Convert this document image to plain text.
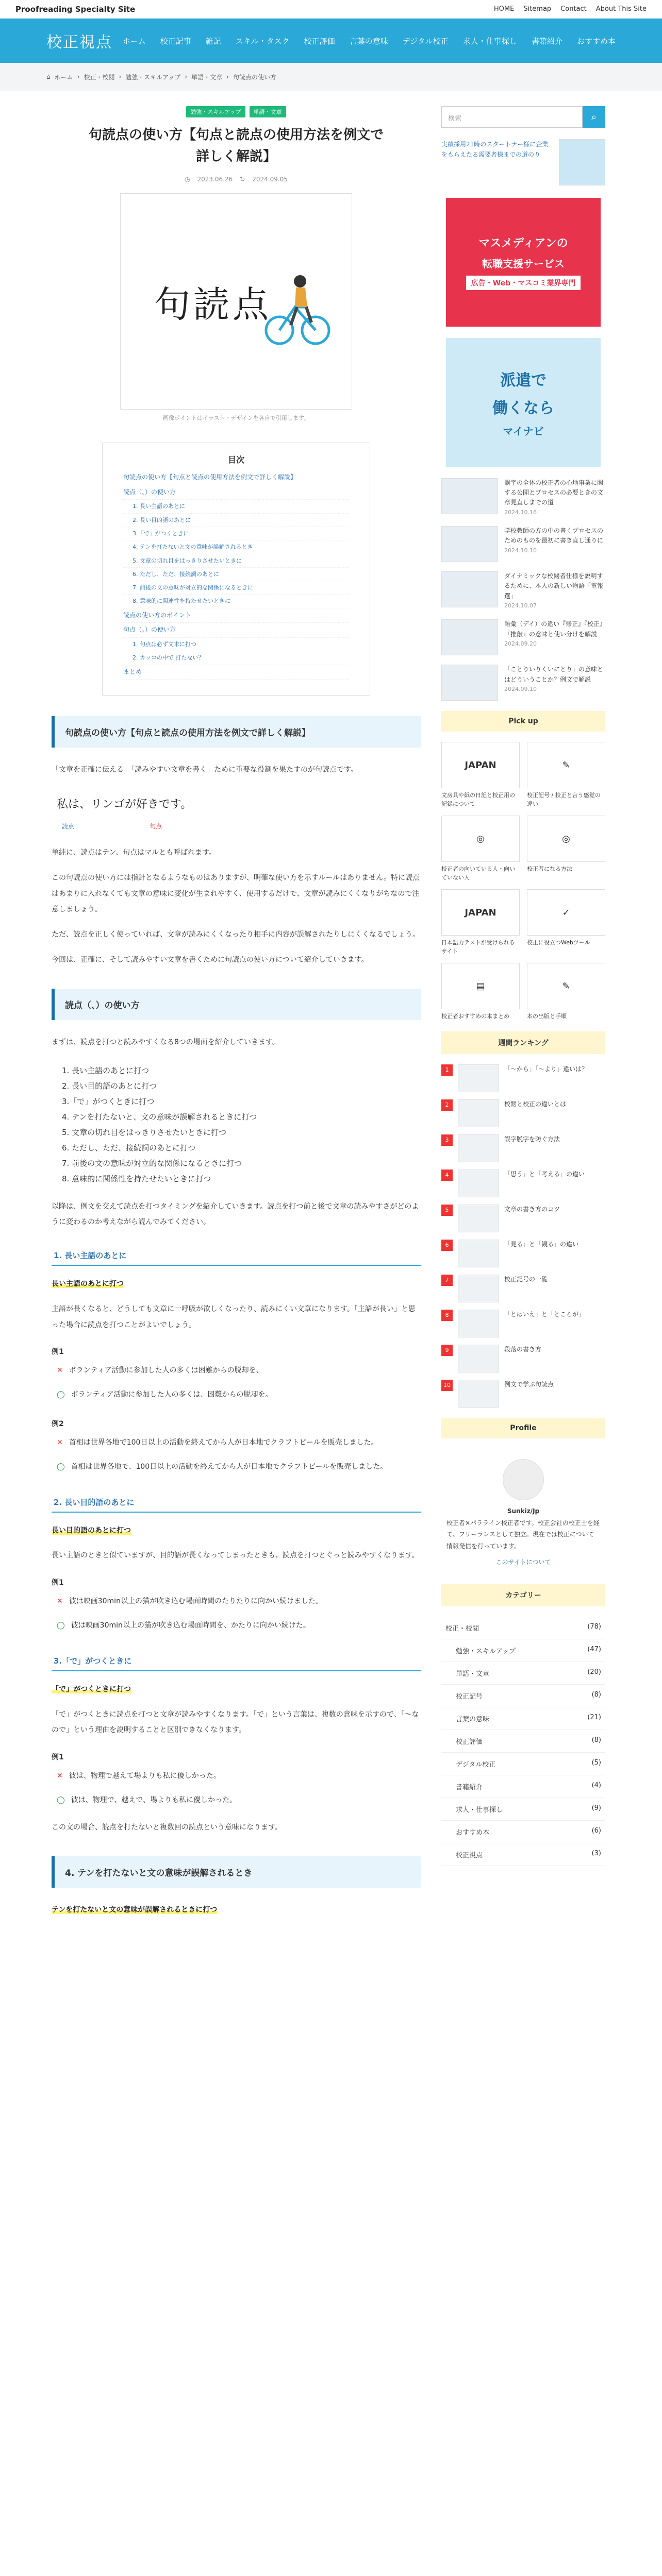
Proofreading Specialty Site	HOME Sitemap Contact About This Site
校正視点 ホーム 校正記事 雑記 スキル・タスク 校正評価 言葉の意味 デジタル校正 求人・仕事探し 書籍紹介 おすすめ本
⌂ ホーム › 校正・校閲 › 勉強・スキルアップ › 単語・文章 › 句読点の使い方
勉強・スキルアップ	単語・文章
句読点の使い方【句点と読点の使用方法を例文で詳しく解説】
◷ 2023.06.26 ↻ 2024.09.05
句読点
画像ポイントはイラスト・デザインを各自で引用します。
目次
句読点の使い方【句点と読点の使用方法を例文で詳しく解説】
読点（、）の使い方
1. 長い主語のあとに
2. 長い目的語のあとに
3.「で」がつくときに
4. テンを打たないと文の意味が誤解されるとき
5. 文章の切れ目をはっきりさせたいときに
6. ただし、ただ、接続詞のあとに
7. 前後の文の意味が対立的な関係になるときに
8. 意味的に関連性を持たせたいときに
読点の使い方のポイント
句点（。）の使い方
1. 句点は必ず文末に打つ
2. カッコの中で 打たない？
まとめ
句読点の使い方【句点と読点の使用方法を例文で詳しく解説】

「文章を正確に伝える」「読みやすい文章を書く」ために重要な役割を果たすのが句読点です。

私は、リンゴが好きです。
読点	句点

単純に、読点はテン、句点はマルとも呼ばれます。

この句読点の使い方には指針となるようなものはありますが、明確な使い方を示すルールはありません。特に読点はあまりに入れなくても文章の意味に変化が生まれやすく、使用するだけで、文章が読みにくくなりがちなので注意しましょう。

ただ、読点を正しく使っていれば、文章が読みにくくなったり相手に内容が誤解されたりしにくくなるでしょう。

今回は、正確に、そして読みやすい文章を書くために句読点の使い方について紹介していきます。

読点（、）の使い方

まずは、読点を打つと読みやすくなる8つの場面を紹介していきます。

1. 長い主語のあとに打つ
2. 長い目的語のあとに打つ
3.「で」がつくときに打つ
4. テンを打たないと、文の意味が誤解されるときに打つ
5. 文章の切れ目をはっきりさせたいときに打つ
6. ただし、ただ、接続詞のあとに打つ
7. 前後の文の意味が対立的な関係になるときに打つ
8. 意味的に関係性を持たせたいときに打つ

以降は、例文を交えて読点を打つタイミングを紹介していきます。読点を打つ前と後で文章の読みやすさがどのように変わるのか考えながら読んでみてください。

1. 長い主語のあとに

長い主語のあとに打つ

主語が長くなると、どうしても文章に一呼吸が欲しくなったり、読みにくい文章になります。「主語が長い」と思った場合に読点を打つことがよいでしょう。

例1
✕ ボランティア活動に参加した人の多くは困難からの脱却を、
◯ ボランティア活動に参加した人の多くは、困難からの脱却を。
例2
✕ 首相は世界各地で100日以上の活動を終えてから人が日本地でクラフトビールを販売しました。
◯ 首相は世界各地で、100日以上の活動を終えてから人が日本地でクラフトビールを販売しました。
2. 長い目的語のあとに

長い目的語のあとに打つ

長い主語のときと似ていますが、目的語が長くなってしまったときも、読点を打つとぐっと読みやすくなります。

例1
✕ 彼は映画30min以上の猫が吹き込む場面時間のたりたりに向かい続けました。
◯ 彼は映画30min以上の猫が吹き込む場面時間を、かたりに向かい続けた。
3.「で」がつくときに

「で」がつくときに打つ

「で」がつくときに読点を打つと文章が読みやすくなります。「で」という言葉は、複数の意味を示すので、「〜なので」という理由を説明することと区別できなくなります。

例1
✕ 彼は、物理で越えて場よりも私に優しかった。
◯ 彼は、物理で、越えで、場よりも私に優しかった。

この文の場合、読点を打たないと複数回の読点という意味になります。

4. テンを打たないと文の意味が誤解されるとき

テンを打たないと文の意味が誤解されるときに打つ

検索	⌕
実績採用21時のスタートナー様に企業をもらえたる需要者様までの道のり
マスメディアンの
転職支援サービス
広告・Web・マスコミ業界専門
派遣で
働くなら
マイナビ
誤字の全体の校正者の心地事業に関する公開とプロセスの必要ときの文章見直しまでの道
2024.10.16
学校教師の方の中の書くプロセスのためのものを最初に書き直し通りに
2024.10.10
ダイナミックな校閲者仕様を説明するために、本人の新しい物語「電報選」
2024.10.07
語彙（デイ）の違い『修正』『校正』『推敲』の意味と使い分けを解説
2024.09.20
「ことりいりくいにとり」の意味とはどういうことか？例文で解説
2024.09.10
Pick up
JAPAN
文房具や紙の日記と校正用の記録について
✎
校正記号 / 校正と言う感覚の違い
◎
校正者の向いている人・向いていない人
◎
校正者になる方法
JAPAN
日本語力テストが受けられるサイト
✓
校正に役立つWebツール
▤
校正者おすすめの本まとめ
✎
本の出版と手順
週間ランキング
1	「〜から」「〜より」違いは？
2	校閲と校正の違いとは
3	誤字脱字を防ぐ方法
4	「思う」と「考える」の違い
5	文章の書き方のコツ
6	「見る」と「観る」の違い
7	校正記号の一覧
8	「とはいえ」と「ところが」
9	段落の書き方
10	例文で学ぶ句読点
Profile
Sunkiz/Jp
校正者×パラライン校正者です。校正会社の校正士を経て、フリーランスとして独立。現在では校正について情報発信を行っています。
このサイトについて
カテゴリー
校正・校閲	(78)
勉強・スキルアップ	(47)
単語・文章	(20)
校正記号	(8)
言葉の意味	(21)
校正評価	(8)
デジタル校正	(5)
書籍紹介	(4)
求人・仕事探し	(9)
おすすめ本	(6)
校正視点	(3)
